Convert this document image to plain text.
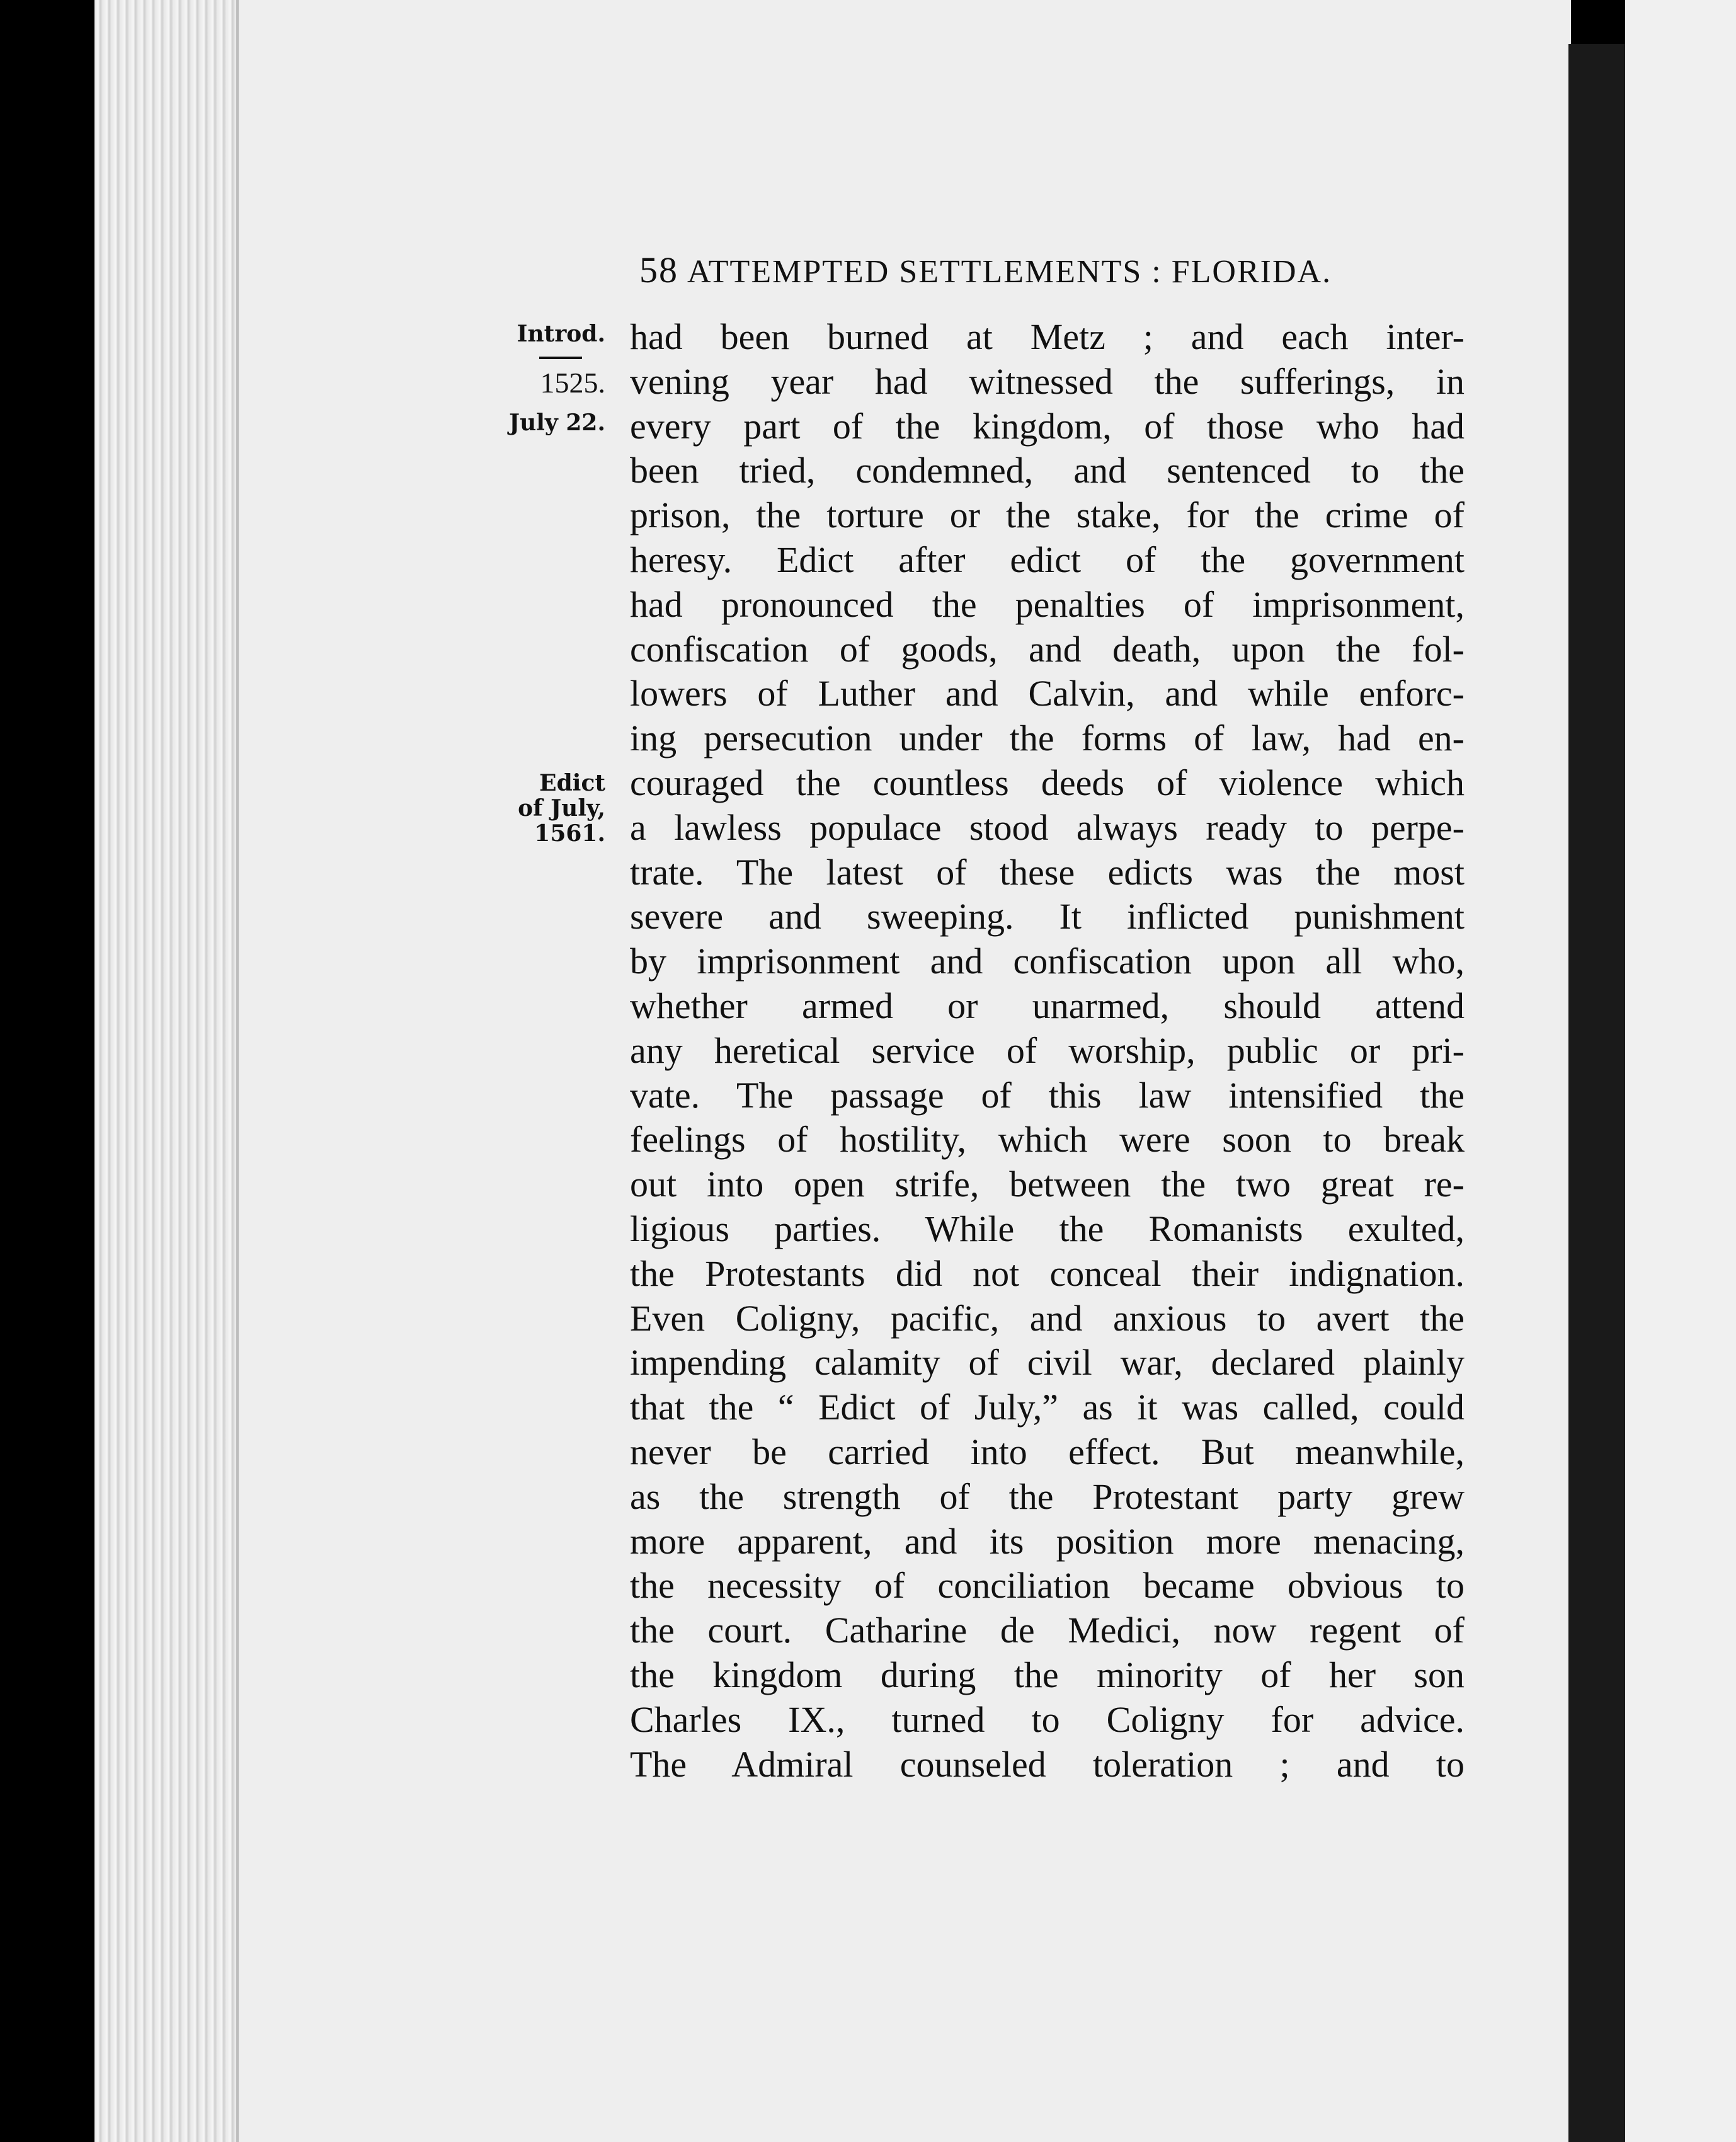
58 ATTEMPTED SETTLEMENTS : FLORIDA.
Introd.
1525.
July 22.
Edict
of July,
1561.
had been burned at Metz ; and each inter-
vening year had witnessed the sufferings, in
every part of the kingdom, of those who had
been tried, condemned, and sentenced to the
prison, the torture or the stake, for the crime of
heresy. Edict after edict of the government
had pronounced the penalties of imprisonment,
confiscation of goods, and death, upon the fol-
lowers of Luther and Calvin, and while enforc-
ing persecution under the forms of law, had en-
couraged the countless deeds of violence which
a lawless populace stood always ready to perpe-
trate. The latest of these edicts was the most
severe and sweeping. It inflicted punishment
by imprisonment and confiscation upon all who,
whether armed or unarmed, should attend
any heretical service of worship, public or pri-
vate. The passage of this law intensified the
feelings of hostility, which were soon to break
out into open strife, between the two great re-
ligious parties. While the Romanists exulted,
the Protestants did not conceal their indignation.
Even Coligny, pacific, and anxious to avert the
impending calamity of civil war, declared plainly
that the “ Edict of July,” as it was called, could
never be carried into effect. But meanwhile,
as the strength of the Protestant party grew
more apparent, and its position more menacing,
the necessity of conciliation became obvious to
the court. Catharine de Medici, now regent of
the kingdom during the minority of her son
Charles IX., turned to Coligny for advice.
The Admiral counseled toleration ; and to
